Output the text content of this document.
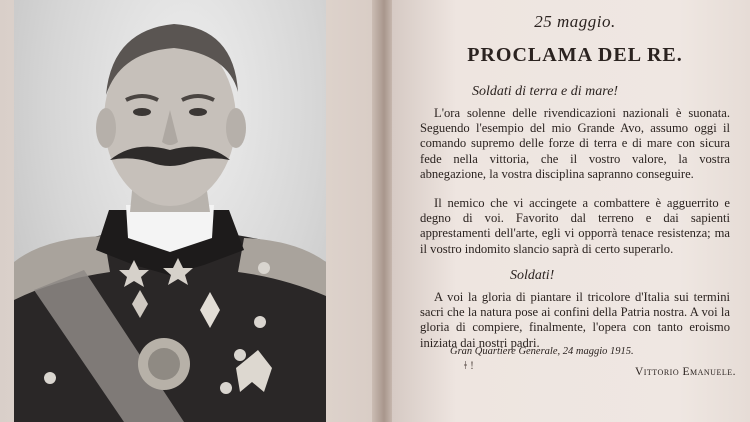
25 maggio.
PROCLAMA DEL RE.
Soldati di terra e di mare!
L'ora solenne delle rivendicazioni nazionali è suonata. Seguendo l'esempio del mio Grande Avo, assumo oggi il comando supremo delle forze di terra e di mare con sicura fede nella vittoria, che il vostro valore, la vostra abnegazione, la vostra disciplina sapranno conseguire.
Il nemico che vi accingete a combattere è agguerrito e degno di voi. Favorito dal terreno e dai sapienti apprestamenti dell'arte, egli vi opporrà tenace resistenza; ma il vostro indomito slancio saprà di certo superarlo.
Soldati!
A voi la gloria di piantare il tricolore d'Italia sui termini sacri che la natura pose ai confini della Patria nostra. A voi la gloria di compiere, finalmente, l'opera con tanto eroismo iniziata dai nostri padri.
Gran Quartiere Generale, 24 maggio 1915.
ǂ !	Vittorio Emanuele.
